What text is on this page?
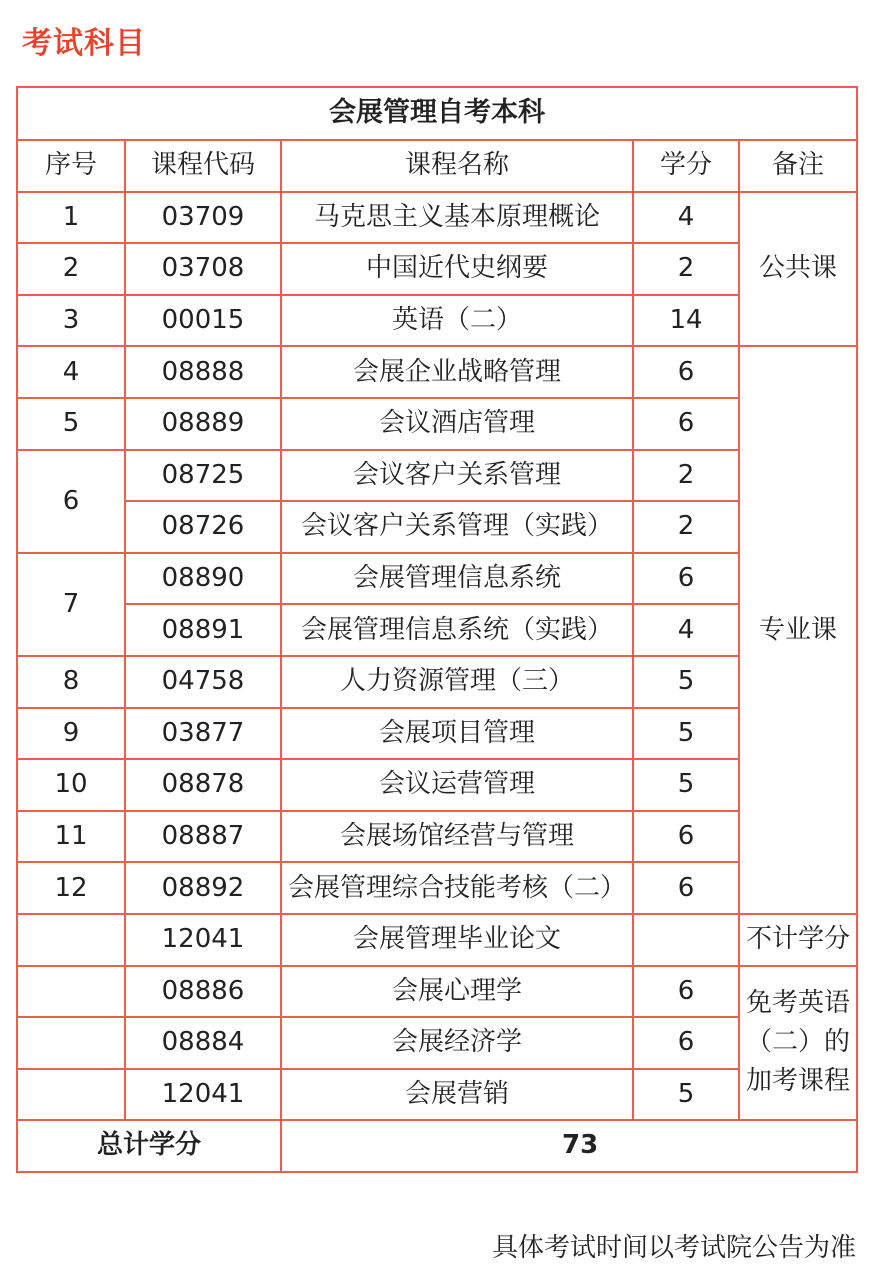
考试科目
会展管理自考本科				
序号	课程代码	课程名称	学分	备注
1	03709	马克思主义基本原理概论	4	公共课
2	03708	中国近代史纲要	2	
3	00015	英语（二）	14	
4	08888	会展企业战略管理	6	专业课
5	08889	会议酒店管理	6	
6	08725	会议客户关系管理	2	
	08726	会议客户关系管理（实践）	2	
7	08890	会展管理信息系统	6	
	08891	会展管理信息系统（实践）	4	
8	04758	人力资源管理（三）	5	
9	03877	会展项目管理	5	
10	08878	会议运营管理	5	
11	08887	会展场馆经营与管理	6	
12	08892	会展管理综合技能考核（二）	6	
	12041	会展管理毕业论文		不计学分
	08886	会展心理学	6	免考英语
（二）的
加考课程

	08884	会展经济学	6	
	12041	会展营销	5	
总计学分		73		
具体考试时间以考试院公告为准
